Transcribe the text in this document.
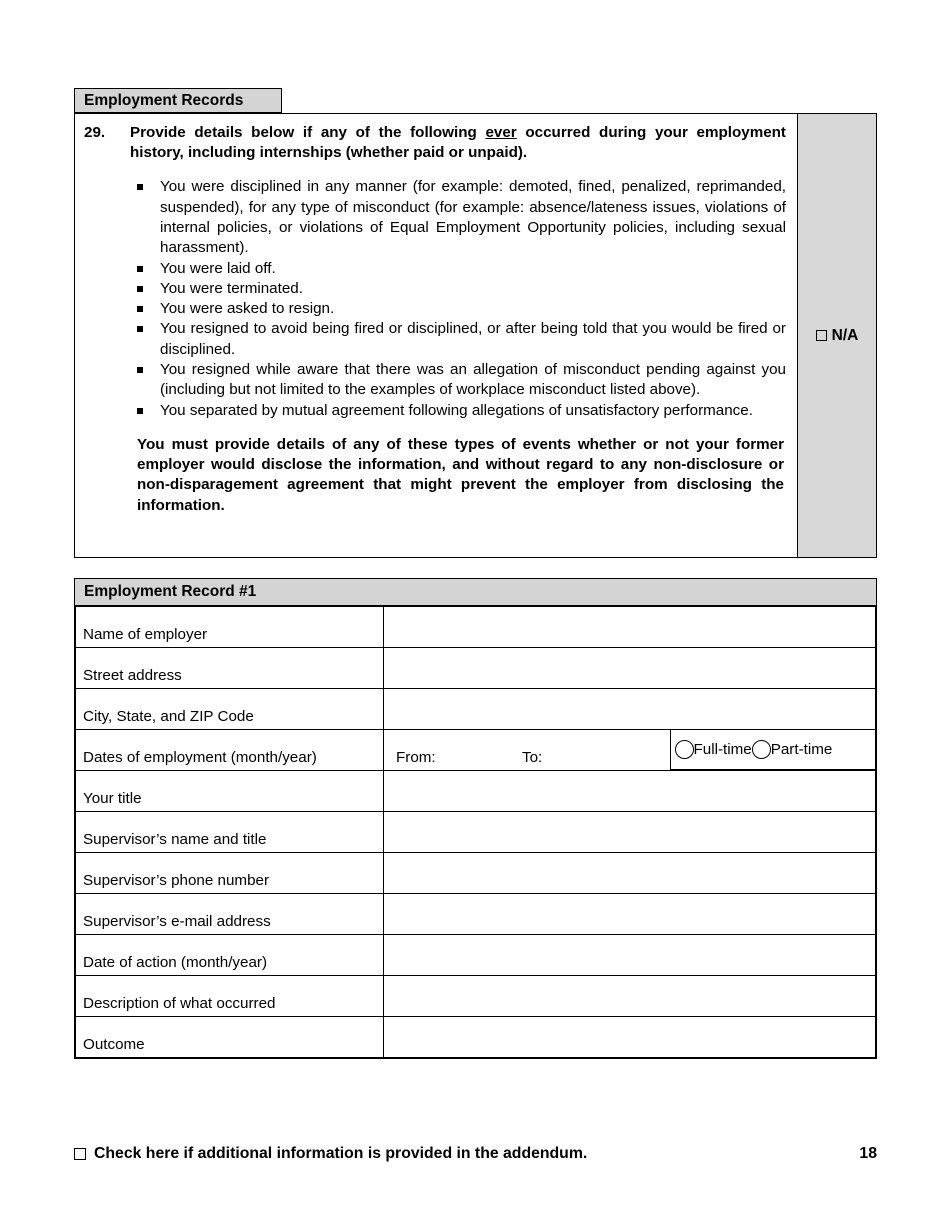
Employment Records
29.	Provide details below if any of the following ever occurred during your employment history, including internships (whether paid or unpaid).
You were disciplined in any manner (for example: demoted, fined, penalized, reprimanded, suspended), for any type of misconduct (for example: absence/lateness issues, violations of internal policies, or violations of Equal Employment Opportunity policies, including sexual harassment).
You were laid off.
You were terminated.
You were asked to resign.
You resigned to avoid being fired or disciplined, or after being told that you would be fired or disciplined.
You resigned while aware that there was an allegation of misconduct pending against you (including but not limited to the examples of workplace misconduct listed above).
You separated by mutual agreement following allegations of unsatisfactory performance.
You must provide details of any of these types of events whether or not your former employer would disclose the information, and without regard to any non-disclosure or non-disparagement agreement that might prevent the employer from disclosing the information.
N/A
Employment Record #1
Name of employer	
Street address	
City, State, and ZIP Code	
Dates of employment (month/year)	From: To: Full-time Part-time

Your title	
Supervisor’s name and title	
Supervisor’s phone number	
Supervisor’s e-mail address	
Date of action (month/year)	
Description of what occurred	
Outcome	
Check here if additional information is provided in the addendum.	18
